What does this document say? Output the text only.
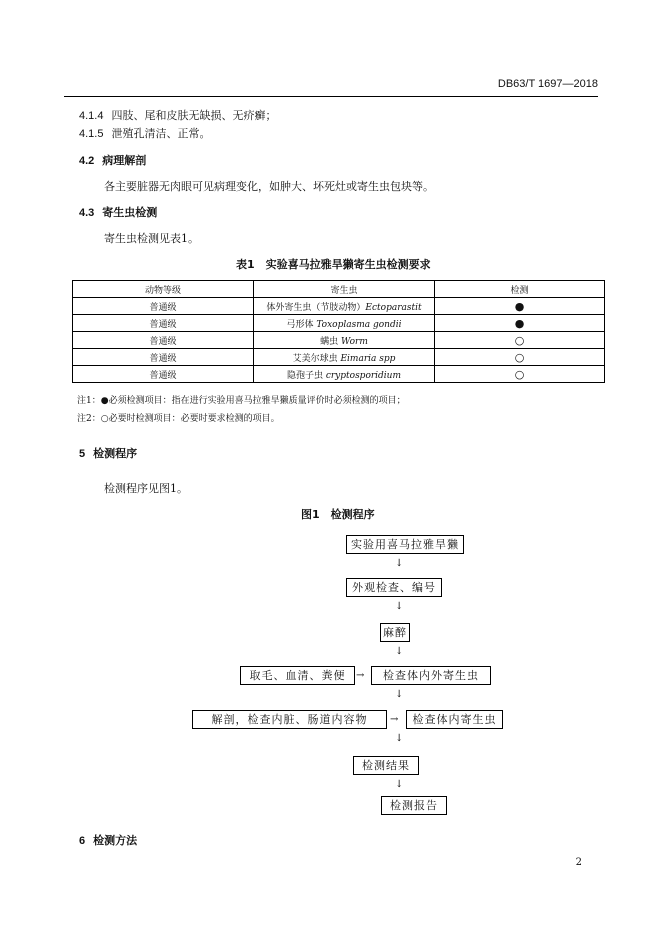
DB63/T 1697—2018
4.1.4 四肢、尾和皮肤无缺损、无疥癣；
4.1.5 泄殖孔清洁、正常。
4.2 病理解剖
各主要脏器无肉眼可见病理变化，如肿大、坏死灶或寄生虫包块等。
4.3 寄生虫检测
寄生虫检测见表1。
表1　实验喜马拉雅旱獭寄生虫检测要求
动物等级	寄生虫	检测
普通级	体外寄生虫（节肢动物）Ectoparastit	●
普通级	弓形体 Toxoplasma gondii	●
普通级	螨虫 Worm	○
普通级	艾美尔球虫 Eimaria spp	○
普通级	隐孢子虫 cryptosporidium	○
注1：●必须检测项目：指在进行实验用喜马拉雅旱獭质量评价时必须检测的项目；
注2：○必要时检测项目：必要时要求检测的项目。
5 检测程序
检测程序见图1。
图1　检测程序
实验用喜马拉雅旱獭
↓
外观检查、编号
↓
麻醉
↓
取毛、血清、粪便	→	检查体内外寄生虫
↓
解剖，检查内脏、肠道内容物	→	检查体内寄生虫
↓
检测结果
↓
检测报告
6 检测方法
2
